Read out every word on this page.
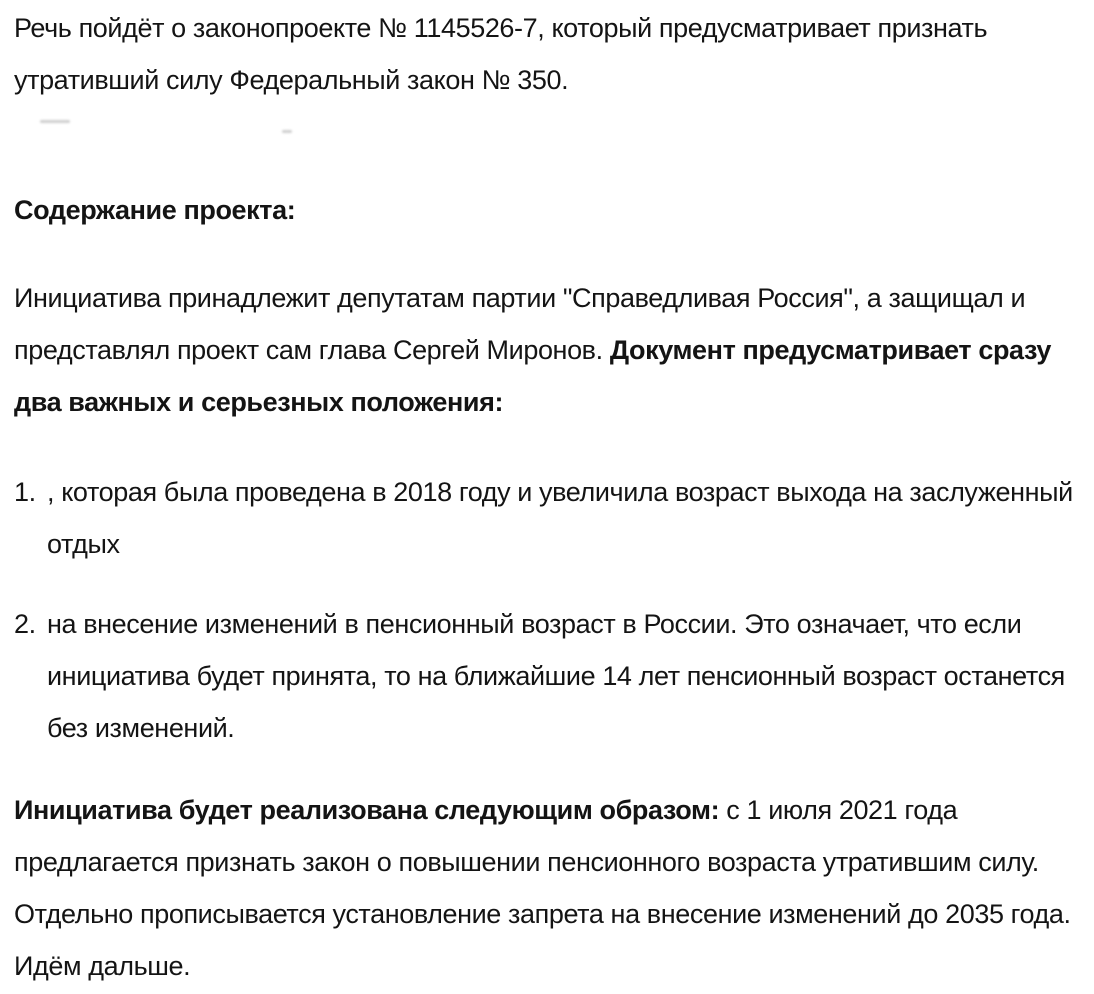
Речь пойдёт о законопроекте № 1145526-7, который предусматривает признать утративший силу Федеральный закон № 350.

Содержание проекта:

Инициатива принадлежит депутатам партии "Справедливая Россия", а защищал и представлял проект сам глава Сергей Миронов. Документ предусматривает сразу два важных и серьезных положения:

1. , которая была проведена в 2018 году и увеличила возраст выхода на заслуженный отдых
2. на внесение изменений в пенсионный возраст в России. Это означает, что если инициатива будет принята, то на ближайшие 14 лет пенсионный возраст останется без изменений.

Инициатива будет реализована следующим образом: с 1 июля 2021 года предлагается признать закон о повышении пенсионного возраста утратившим силу. Отдельно прописывается установление запрета на внесение изменений до 2035 года. Идём дальше.
